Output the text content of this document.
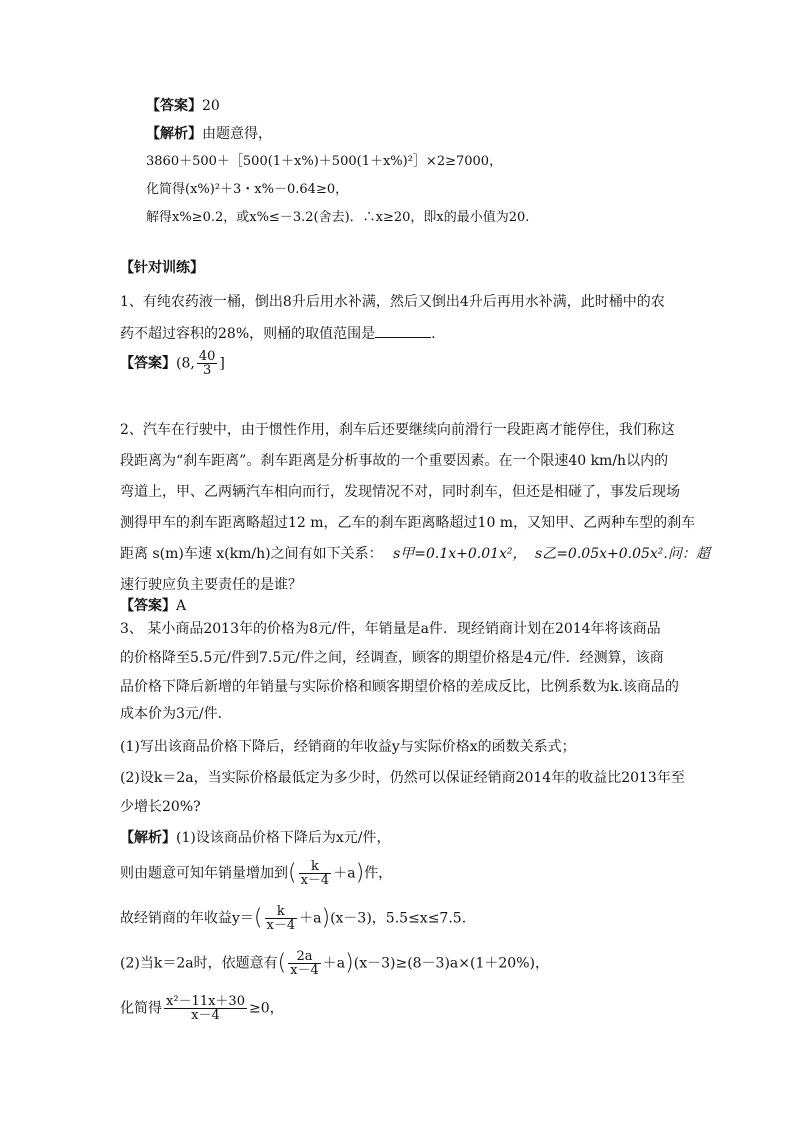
【答案】20
【解析】由题意得，
3860＋500＋［500(1＋x%)＋500(1＋x%)²］×2≥7000，
化简得(x%)²＋3・x%－0.64≥0，
解得x%≥0.2，或x%≤－3.2(舍去)．∴x≥20，即x的最小值为20.
【针对训练】
1、有纯农药液一桶，倒出8升后用水补满，然后又倒出4升后再用水补满，此时桶中的农
药不超过容积的28%，则桶的取值范围是	.
【答案】(8, $\frac{40}{3}$ ]
2、汽车在行驶中，由于惯性作用，刹车后还要继续向前滑行一段距离才能停住，我们称这
段距离为“刹车距离”。刹车距离是分析事故的一个重要因素。在一个限速40 km/h以内的
弯道上，甲、乙两辆汽车相向而行，发现情况不对，同时刹车，但还是相碰了，事发后现场
测得甲车的刹车距离略超过12 m，乙车的刹车距离略超过10 m，又知甲、乙两种车型的刹车
距离 s(m)车速 x(km/h)之间有如下关系： s甲=0.1x+0.01x²， s乙=0.05x+0.05x².问：超
速行驶应负主要责任的是谁？
【答案】A
3、 某小商品2013年的价格为8元/件，年销量是a件．现经销商计划在2014年将该商品
的价格降至5.5元/件到7.5元/件之间，经调查，顾客的期望价格是4元/件．经测算，该商
品价格下降后新增的年销量与实际价格和顾客期望价格的差成反比，比例系数为k.该商品的
成本价为3元/件．
(1)写出该商品价格下降后，经销商的年收益y与实际价格x的函数关系式；
(2)设k＝2a，当实际价格最低定为多少时，仍然可以保证经销商2014年的收益比2013年至
少增长20%?
【解析】(1)设该商品价格下降后为x元/件，
则由题意可知年销量增加到( $\frac{k}{x-4} +a$)件，
故经销商的年收益$y=( \frac{k}{x-4} +a)(x-3)$，5.5≤x≤7.5.
(2)当k＝2a时，依题意有( $\frac{2a}{x-4} +a)(x-3)\ge(8-3)a\times(1+20\%)$，
化简得 $\frac{\text{x²－11x＋30}}{x-4} \ge 0$，
